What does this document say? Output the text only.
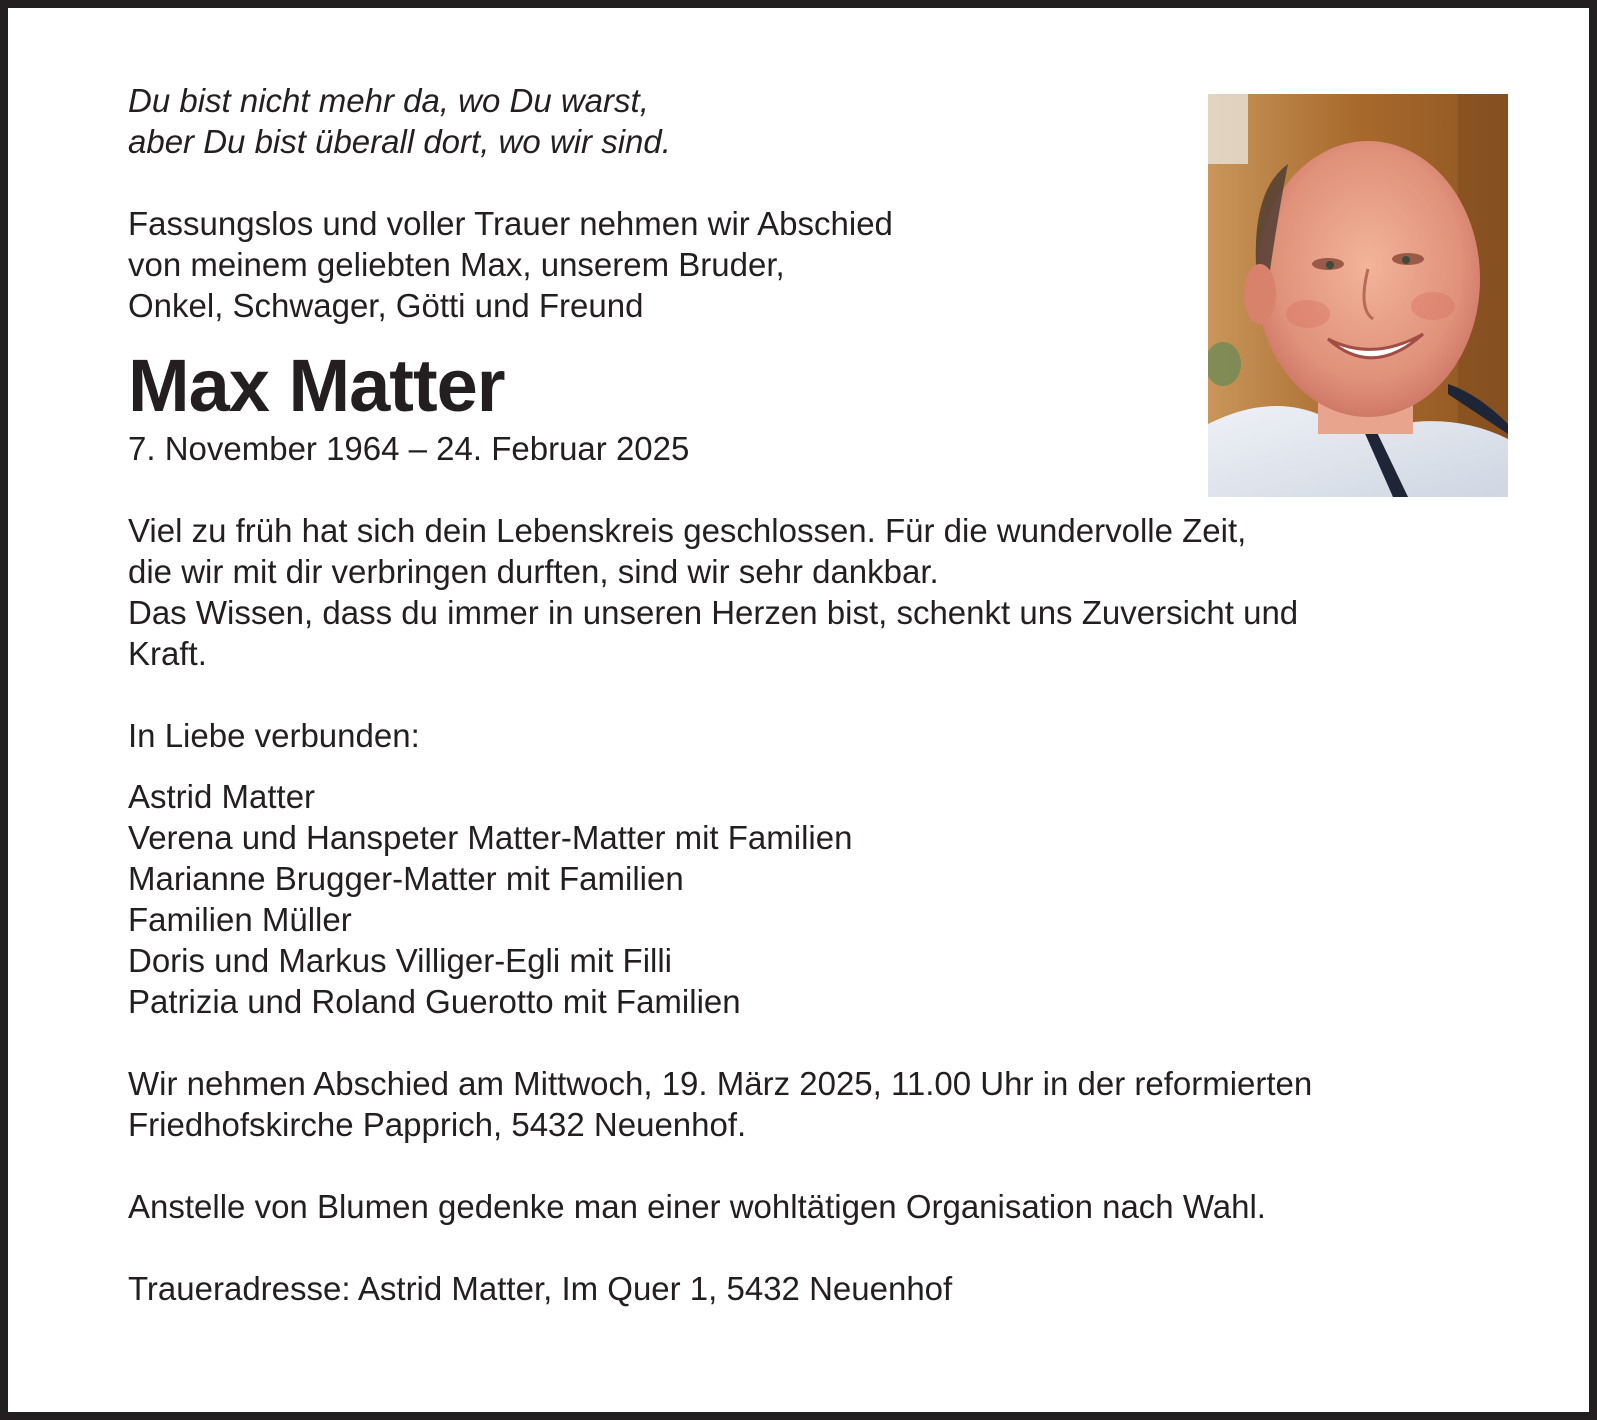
Du bist nicht mehr da, wo Du warst,
aber Du bist überall dort, wo wir sind.
Fassungslos und voller Trauer nehmen wir Abschied
von meinem geliebten Max, unserem Bruder,
Onkel, Schwager, Götti und Freund
Max Matter
7. November 1964 – 24. Februar 2025
Viel zu früh hat sich dein Lebenskreis geschlossen. Für die wundervolle Zeit,
die wir mit dir verbringen durften, sind wir sehr dankbar.
Das Wissen, dass du immer in unseren Herzen bist, schenkt uns Zuversicht und
Kraft.
In Liebe verbunden:
Astrid Matter
Verena und Hanspeter Matter-Matter mit Familien
Marianne Brugger-Matter mit Familien
Familien Müller
Doris und Markus Villiger-Egli mit Filli
Patrizia und Roland Guerotto mit Familien
Wir nehmen Abschied am Mittwoch, 19. März 2025, 11.00 Uhr in der reformierten
Friedhofskirche Papprich, 5432 Neuenhof.
Anstelle von Blumen gedenke man einer wohltätigen Organisation nach Wahl.
Traueradresse: Astrid Matter, Im Quer 1, 5432 Neuenhof
